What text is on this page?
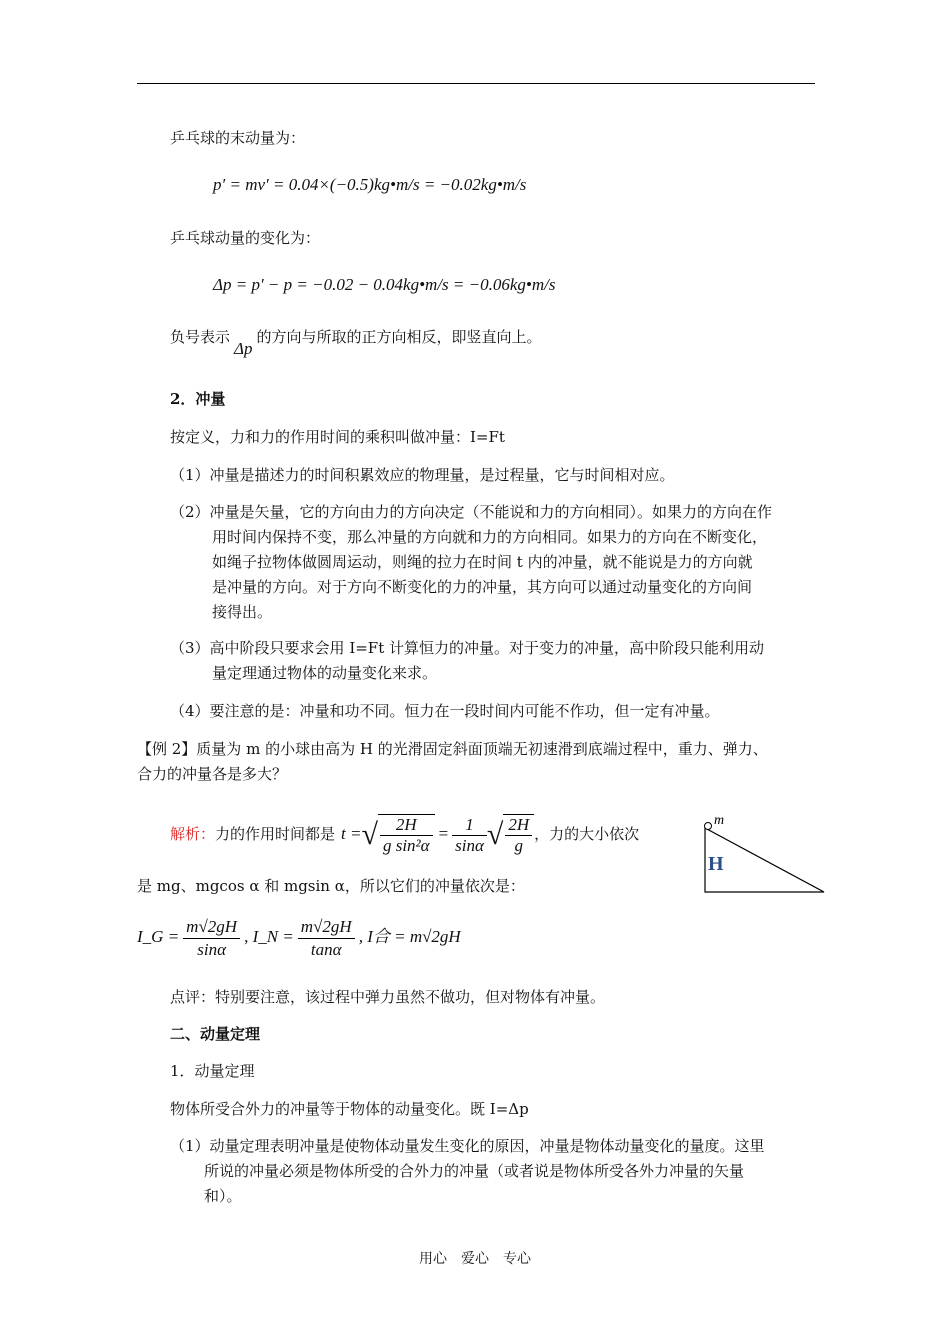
乒乓球的末动量为：
p′ = mv′ = 0.04×(−0.5)kg•m/s = −0.02kg•m/s
乒乓球动量的变化为：
Δp = p′ − p = −0.02 − 0.04kg•m/s = −0.06kg•m/s
负号表示Δp的方向与所取的正方向相反，即竖直向上。
2．冲量
按定义，力和力的作用时间的乘积叫做冲量：I=Ft
（1）冲量是描述力的时间积累效应的物理量，是过程量，它与时间相对应。
（2）冲量是矢量，它的方向由力的方向决定（不能说和力的方向相同）。如果力的方向在作
用时间内保持不变，那么冲量的方向就和力的方向相同。如果力的方向在不断变化，
如绳子拉物体做圆周运动，则绳的拉力在时间 t 内的冲量，就不能说是力的方向就
是冲量的方向。对于方向不断变化的力的冲量，其方向可以通过动量变化的方向间
接得出。
（3）高中阶段只要求会用 I=Ft 计算恒力的冲量。对于变力的冲量，高中阶段只能利用动
量定理通过物体的动量变化来求。
（4）要注意的是：冲量和功不同。恒力在一段时间内可能不作功，但一定有冲量。
【例 2】质量为 m 的小球由高为 H 的光滑固定斜面顶端无初速滑到底端过程中，重力、弹力、
合力的冲量各是多大？
解析：力的作用时间都是 t =√ $\frac{2H}{\text{g sin²α}} = \frac{1}{\sin\alpha}$ √ $\frac{2H}{g}$ ，力的大小依次
m
H
是 mg、mgcos α 和 mgsin α，所以它们的冲量依次是：
I_G = $\frac{m√2gH}{\sin\alpha}$ , I_N = $\frac{m√2gH}{\tan\alpha}$ , I合 = m√2gH
点评：特别要注意，该过程中弹力虽然不做功，但对物体有冲量。
二、动量定理
1．动量定理
物体所受合外力的冲量等于物体的动量变化。既 I=Δp
（1）动量定理表明冲量是使物体动量发生变化的原因，冲量是物体动量变化的量度。这里
所说的冲量必须是物体所受的合外力的冲量（或者说是物体所受各外力冲量的矢量
和）。
用心　爱心　专心
